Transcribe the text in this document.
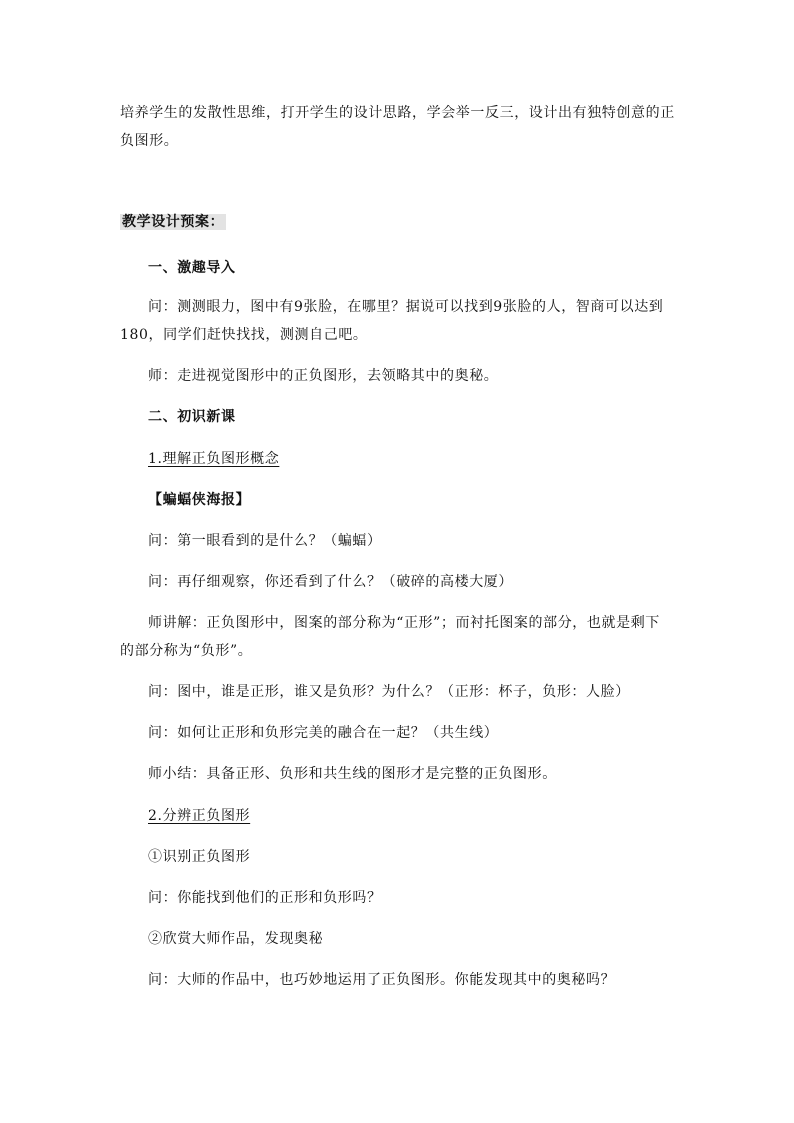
培养学生的发散性思维，打开学生的设计思路，学会举一反三，设计出有独特创意的正
负图形。
教学设计预案：
一、激趣导入
问：测测眼力，图中有9张脸，在哪里？据说可以找到9张脸的人，智商可以达到
180，同学们赶快找找，测测自己吧。
师：走进视觉图形中的正负图形，去领略其中的奥秘。
二、初识新课
1.理解正负图形概念
【蝙蝠侠海报】
问：第一眼看到的是什么？（蝙蝠）
问：再仔细观察，你还看到了什么？（破碎的高楼大厦）
师讲解：正负图形中，图案的部分称为“正形”；而衬托图案的部分，也就是剩下
的部分称为“负形”。
问：图中，谁是正形，谁又是负形？为什么？（正形：杯子，负形：人脸）
问：如何让正形和负形完美的融合在一起？（共生线）
师小结：具备正形、负形和共生线的图形才是完整的正负图形。
2.分辨正负图形
①识别正负图形
问：你能找到他们的正形和负形吗？
②欣赏大师作品，发现奥秘
问：大师的作品中，也巧妙地运用了正负图形。你能发现其中的奥秘吗？
